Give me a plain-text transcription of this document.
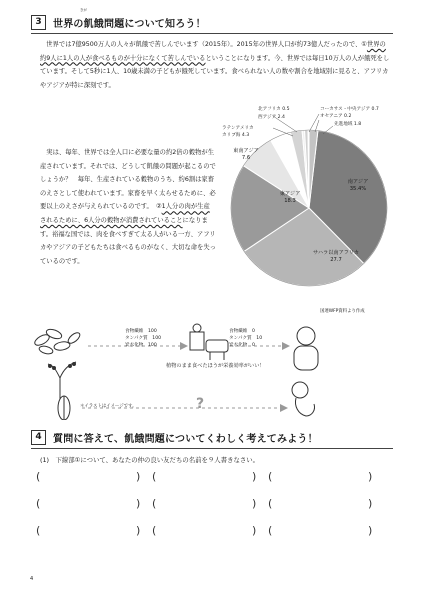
3	世界の飢餓問題について知ろう！
きが
　世界では7億9500万人の人々が飢餓で苦しんでいます（2015年）。2015年の世界人口が約73億人だったので、①世界の約9人に1人の人が食べるものが十分になくて苦しんでいるということになります。今、世界では毎日10万人の人が餓死をしています。そして5秒に1人、10歳未満の子どもが餓死しています。食べられない人の数や割合を地域別に見ると、アフリカやアジアが特に深刻です。
　実は、毎年、世界では全人口に必要な量の約2倍の穀物が生産されています。それでは、どうして飢餓の問題が起こるのでしょうか？　毎年、生産されている穀物のうち、約6割は家畜のえさとして使われています。家畜を早く太らせるために、必要以上のえさが与えられているのです。　 ②1人分の肉が生産されるために、6人分の穀物が消費されていることになります。裕福な国では、肉を食べすぎて太る人がいる一方、アフリカやアジアの子どもたちは食べるものがなく、大切な命を失っているのです。
南アジア
35.4%
サハラ以南アフリカ
27.7
東アジア
18.3
東南アジア
7.6
ラテンアメリカ
カリブ海 4.3
西アジア 2.4
北アフリカ 0.5	コーカサス・中央アジア 0.7
オセアニア 0.2
先進地域 1.8
国連WFP資料より作成
食物繊維　 100
タンパク質　 100
炭水化物　 100
食物繊維　 0
タンパク質　 10
炭水化物　 0
植物のまま食べたほうが栄養効率がいい！
?
＊イラストはイメージです。
4	質問に答えて、飢餓問題についてくわしく考えてみよう！
(1)　下線部①について、あなたの仲の良い友だちの名前を９人書きなさい。
(	) (	) (	)
(	) (	) (	)
(	) (	) (	)
4
